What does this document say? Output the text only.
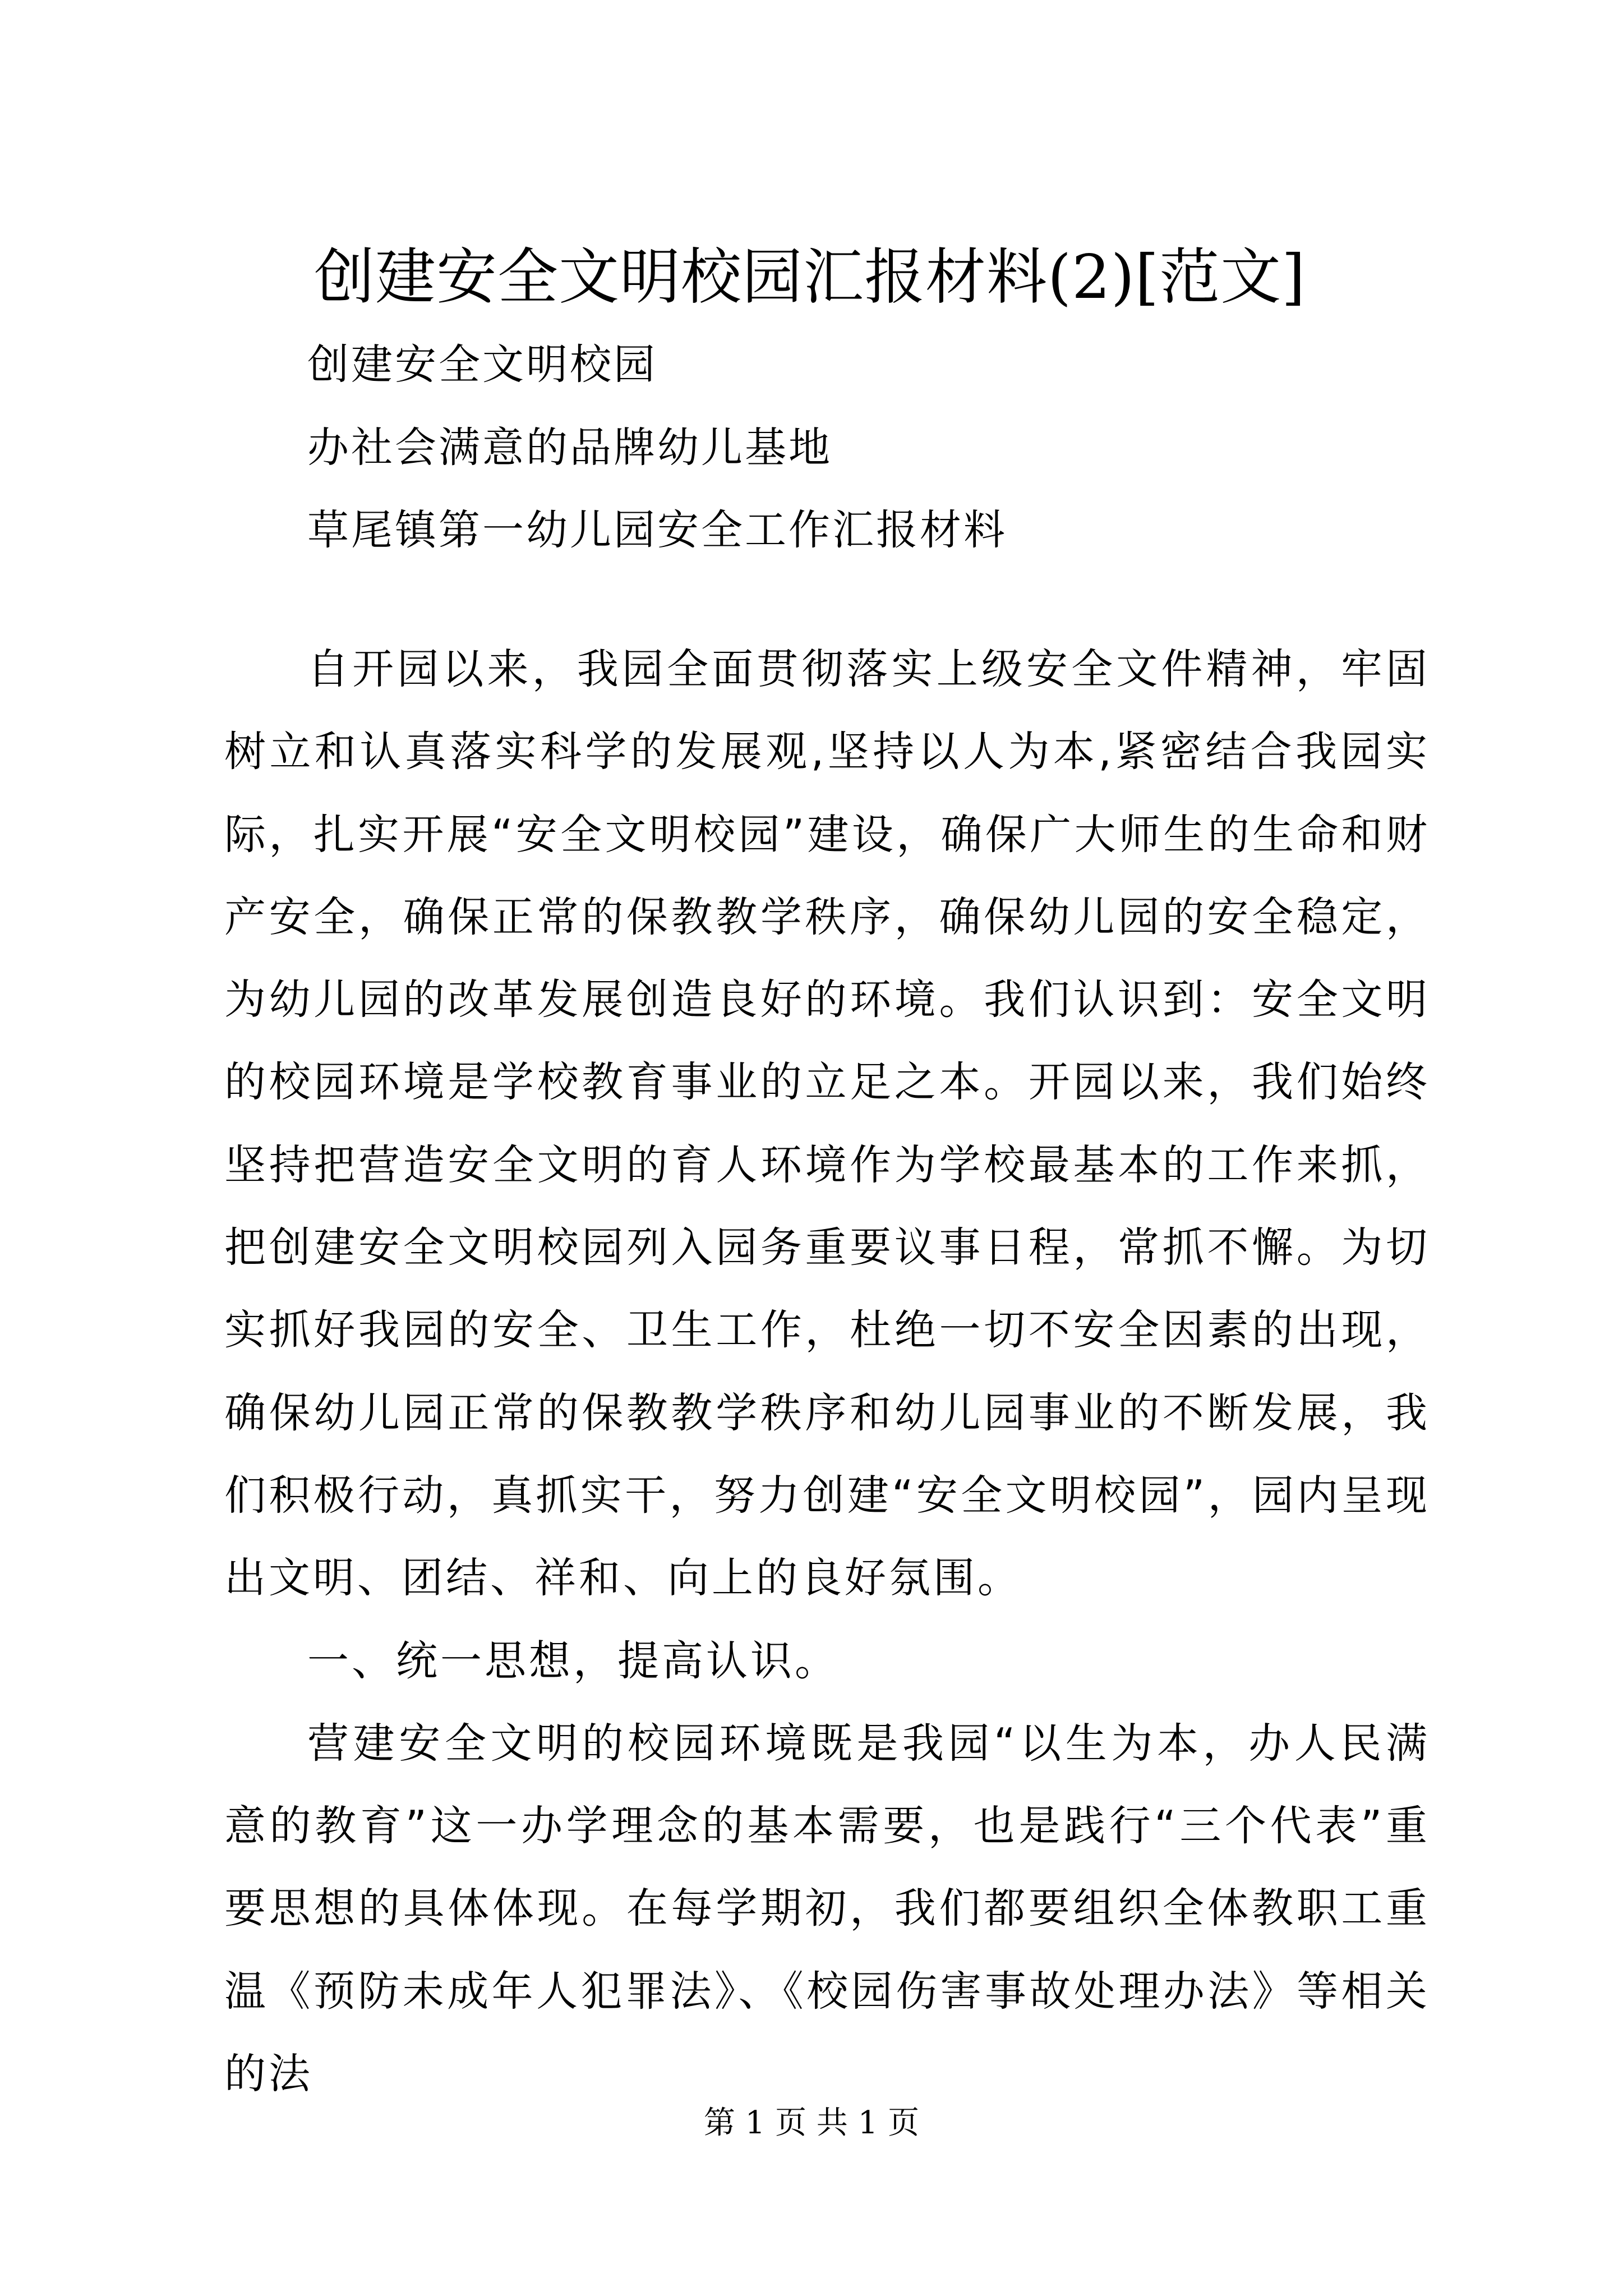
创建安全文明校园汇报材料(2)[范文]
创建安全文明校园
办社会满意的品牌幼儿基地
草尾镇第一幼儿园安全工作汇报材料

自开园以来，我园全面贯彻落实上级安全文件精神，牢固树立和认真落实科学的发展观,坚持以人为本,紧密结合我园实际，扎实开展“安全文明校园”建设，确保广大师生的生命和财产安全，确保正常的保教教学秩序，确保幼儿园的安全稳定，为幼儿园的改革发展创造良好的环境。我们认识到：安全文明的校园环境是学校教育事业的立足之本。开园以来，我们始终坚持把营造安全文明的育人环境作为学校最基本的工作来抓，把创建安全文明校园列入园务重要议事日程，常抓不懈。为切实抓好我园的安全、卫生工作，杜绝一切不安全因素的出现，确保幼儿园正常的保教教学秩序和幼儿园事业的不断发展，我们积极行动，真抓实干，努力创建“安全文明校园”，园内呈现出文明、团结、祥和、向上的良好氛围。

一、统一思想，提高认识。

营建安全文明的校园环境既是我园“以生为本，办人民满意的教育”这一办学理念的基本需要，也是践行“三个代表”重要思想的具体体现。在每学期初，我们都要组织全体教职工重温《预防未成年人犯罪法》、《校园伤害事故处理办法》等相关的法

第 1 页 共 1 页
